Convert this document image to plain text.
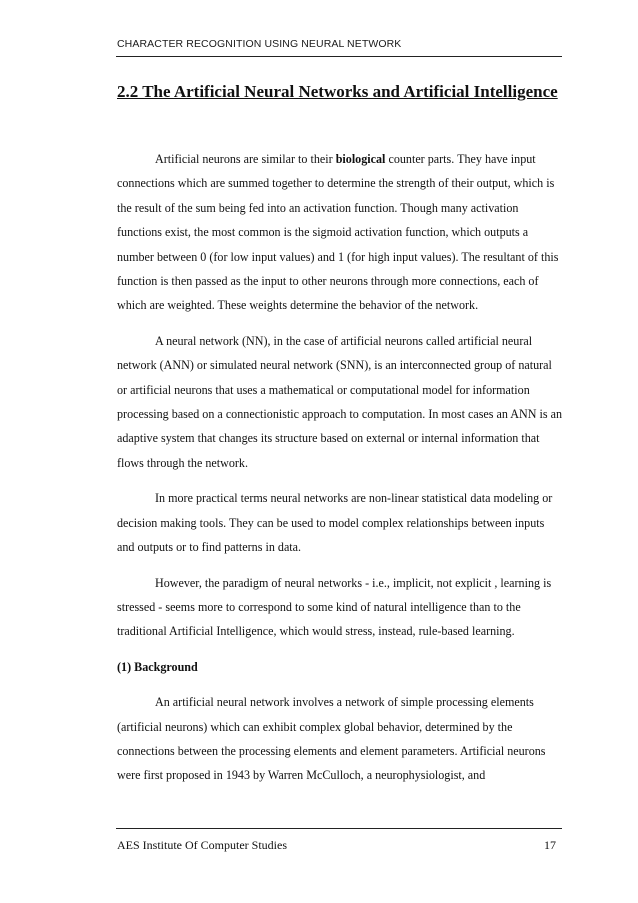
CHARACTER RECOGNITION USING NEURAL NETWORK
2.2 The Artificial Neural Networks and Artificial Intelligence

Artificial neurons are similar to their biological counter parts. They have input connections which are summed together to determine the strength of their output, which is the result of the sum being fed into an activation function. Though many activation functions exist, the most common is the sigmoid activation function, which outputs a number between 0 (for low input values) and 1 (for high input values). The resultant of this function is then passed as the input to other neurons through more connections, each of which are weighted. These weights determine the behavior of the network.

A neural network (NN), in the case of artificial neurons called artificial neural network (ANN) or simulated neural network (SNN), is an interconnected group of natural or artificial neurons that uses a mathematical or computational model for information processing based on a connectionistic approach to computation. In most cases an ANN is an adaptive system that changes its structure based on external or internal information that flows through the network.

In more practical terms neural networks are non-linear statistical data modeling or decision making tools. They can be used to model complex relationships between inputs and outputs or to find patterns in data.

However, the paradigm of neural networks - i.e., implicit, not explicit , learning is stressed - seems more to correspond to some kind of natural intelligence than to the traditional Artificial Intelligence, which would stress, instead, rule-based learning.

(1) Background

An artificial neural network involves a network of simple processing elements (artificial neurons) which can exhibit complex global behavior, determined by the connections between the processing elements and element parameters. Artificial neurons were first proposed in 1943 by Warren McCulloch, a neurophysiologist, and

AES Institute Of Computer Studies	17
